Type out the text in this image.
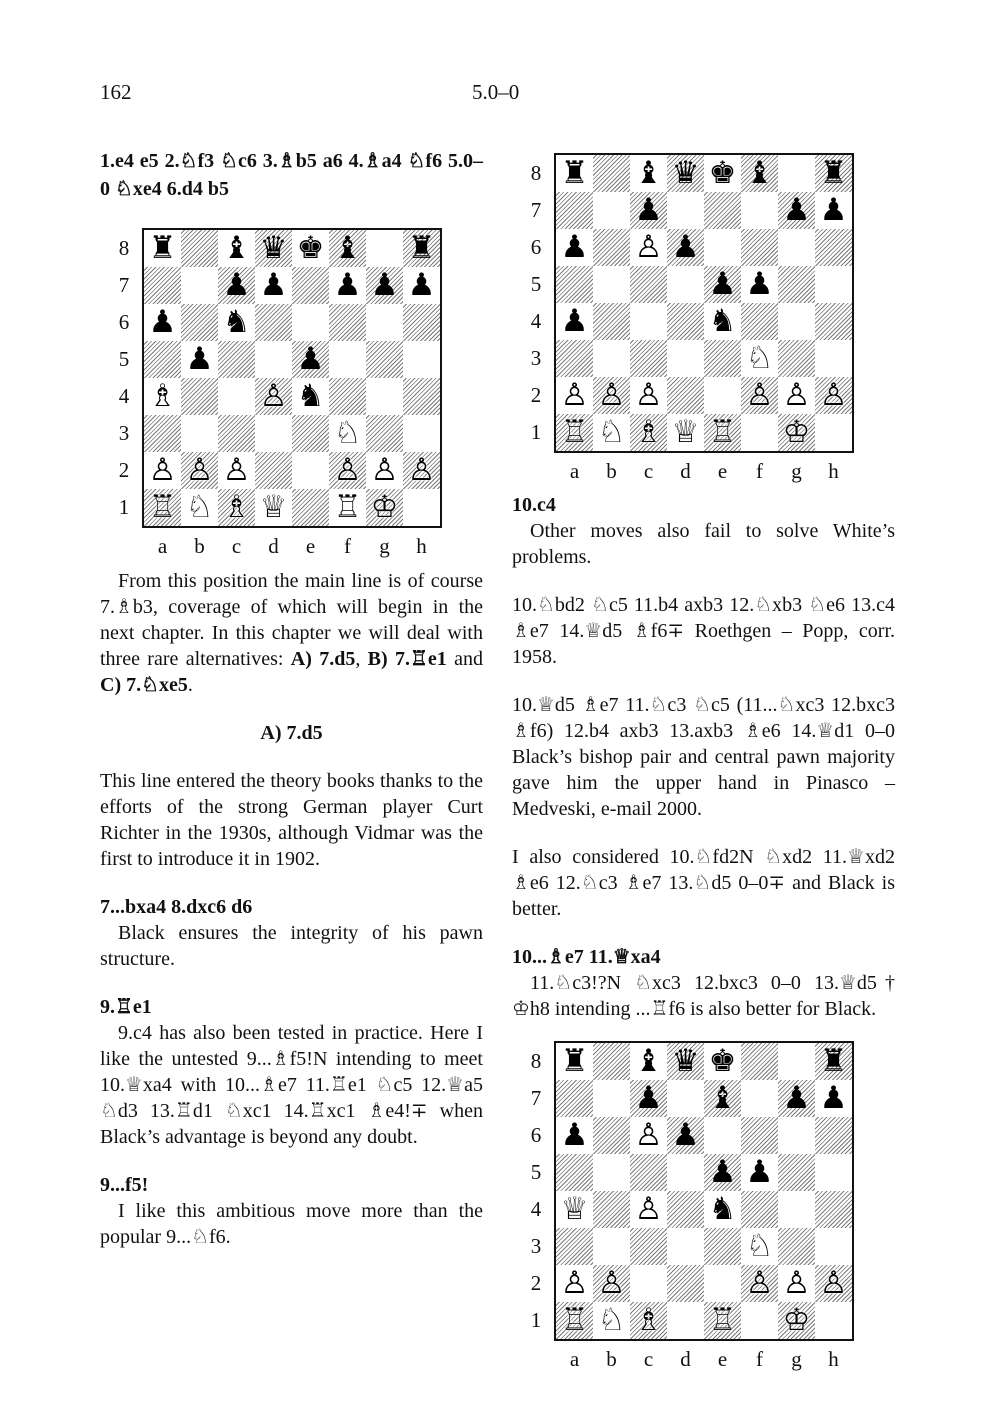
162	5.0–0

1.e4 e5 2.♘f3 ♘c6 3.♗b5 a6 4.♗a4 ♘f6 5.0–0 ♘xe4 6.d4 b5

♜ ♝ ♛ ♚ ♝ ♜
♟ ♟ ♟ ♟ ♟
♟ ♞
♟	♟
♗	♙ ♞
♘
♙ ♙ ♙	♙ ♙ ♙
♖ ♘ ♗ ♕ ♖ ♔
8
7
6
5
4
3
2
1
a	b	c	d	e	f	g	h

From this position the main line is of course 7.♗b3, coverage of which will begin in the next chapter. In this chapter we will deal with three rare alternatives: A) 7.d5, B) 7.♖e1 and C) 7.♘xe5.

A) 7.d5

This line entered the theory books thanks to the efforts of the strong German player Curt Richter in the 1930s, although Vidmar was the first to introduce it in 1902.

7...bxa4 8.dxc6 d6

Black ensures the integrity of his pawn structure.

9.♖e1

9.c4 has also been tested in practice. Here I like the untested 9...♗f5!N intending to meet 10.♕xa4 with 10...♗e7 11.♖e1 ♘c5 12.♕a5 ♘d3 13.♖d1 ♘xc1 14.♖xc1 ♗e4!∓ when Black’s advantage is beyond any doubt.

9...f5!

I like this ambitious move more than the popular 9...♘f6.

♜ ♝ ♛ ♚ ♝ ♜
♟	♟ ♟
♟ ♙ ♟
♟ ♟
♟	♞
♘
♙ ♙ ♙	♙ ♙ ♙
♖ ♘ ♗ ♕ ♖ ♔
8
7
6
5
4
3
2
1
a	b	c	d	e	f	g	h

10.c4

Other moves also fail to solve White’s problems.

10.♘bd2 ♘c5 11.b4 axb3 12.♘xb3 ♘e6 13.c4 ♗e7 14.♕d5 ♗f6∓ Roethgen – Popp, corr. 1958.

10.♕d5 ♗e7 11.♘c3 ♘c5 (11...♘xc3 12.bxc3 ♗f6) 12.b4 axb3 13.axb3 ♗e6 14.♕d1 0–0 Black’s bishop pair and central pawn majority gave him the upper hand in Pinasco – Medveski, e-mail 2000.

I also considered 10.♘fd2N ♘xd2 11.♕xd2 ♗e6 12.♘c3 ♗e7 13.♘d5 0–0∓ and Black is better.

10...♗e7 11.♕xa4

11.♘c3!?N ♘xc3 12.bxc3 0–0 13.♕d5† ♔h8 intending ...♖f6 is also better for Black.

♜ ♝ ♛ ♚	♜
♟ ♝ ♟ ♟
♟ ♙ ♟
♟ ♟
♕ ♙ ♞
♘
♙ ♙	♙ ♙ ♙
♖ ♘ ♗ ♖ ♔
8
7
6
5
4
3
2
1
a	b	c	d	e	f	g	h
